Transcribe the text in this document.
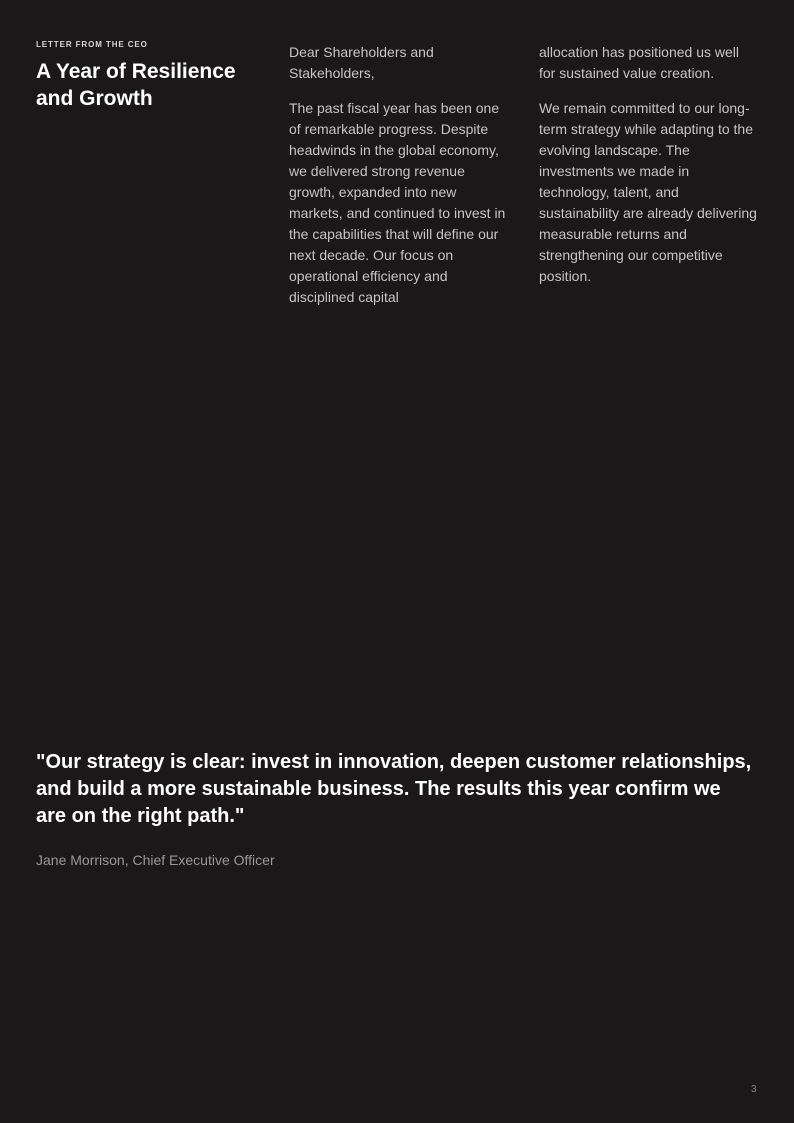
LETTER FROM THE CEO
A Year of Resilience and Growth

Dear Shareholders and Stakeholders,

The past fiscal year has been one of remarkable progress. Despite headwinds in the global economy, we delivered strong revenue growth, expanded into new markets, and continued to invest in the capabilities that will define our next decade. Our focus on operational efficiency and disciplined capital

allocation has positioned us well for sustained value creation.

We remain committed to our long-term strategy while adapting to the evolving landscape. The investments we made in technology, talent, and sustainability are already delivering measurable returns and strengthening our competitive position.

"Our strategy is clear: invest in innovation, deepen customer relationships, and build a more sustainable business. The results this year confirm we are on the right path."
Jane Morrison, Chief Executive Officer
3
